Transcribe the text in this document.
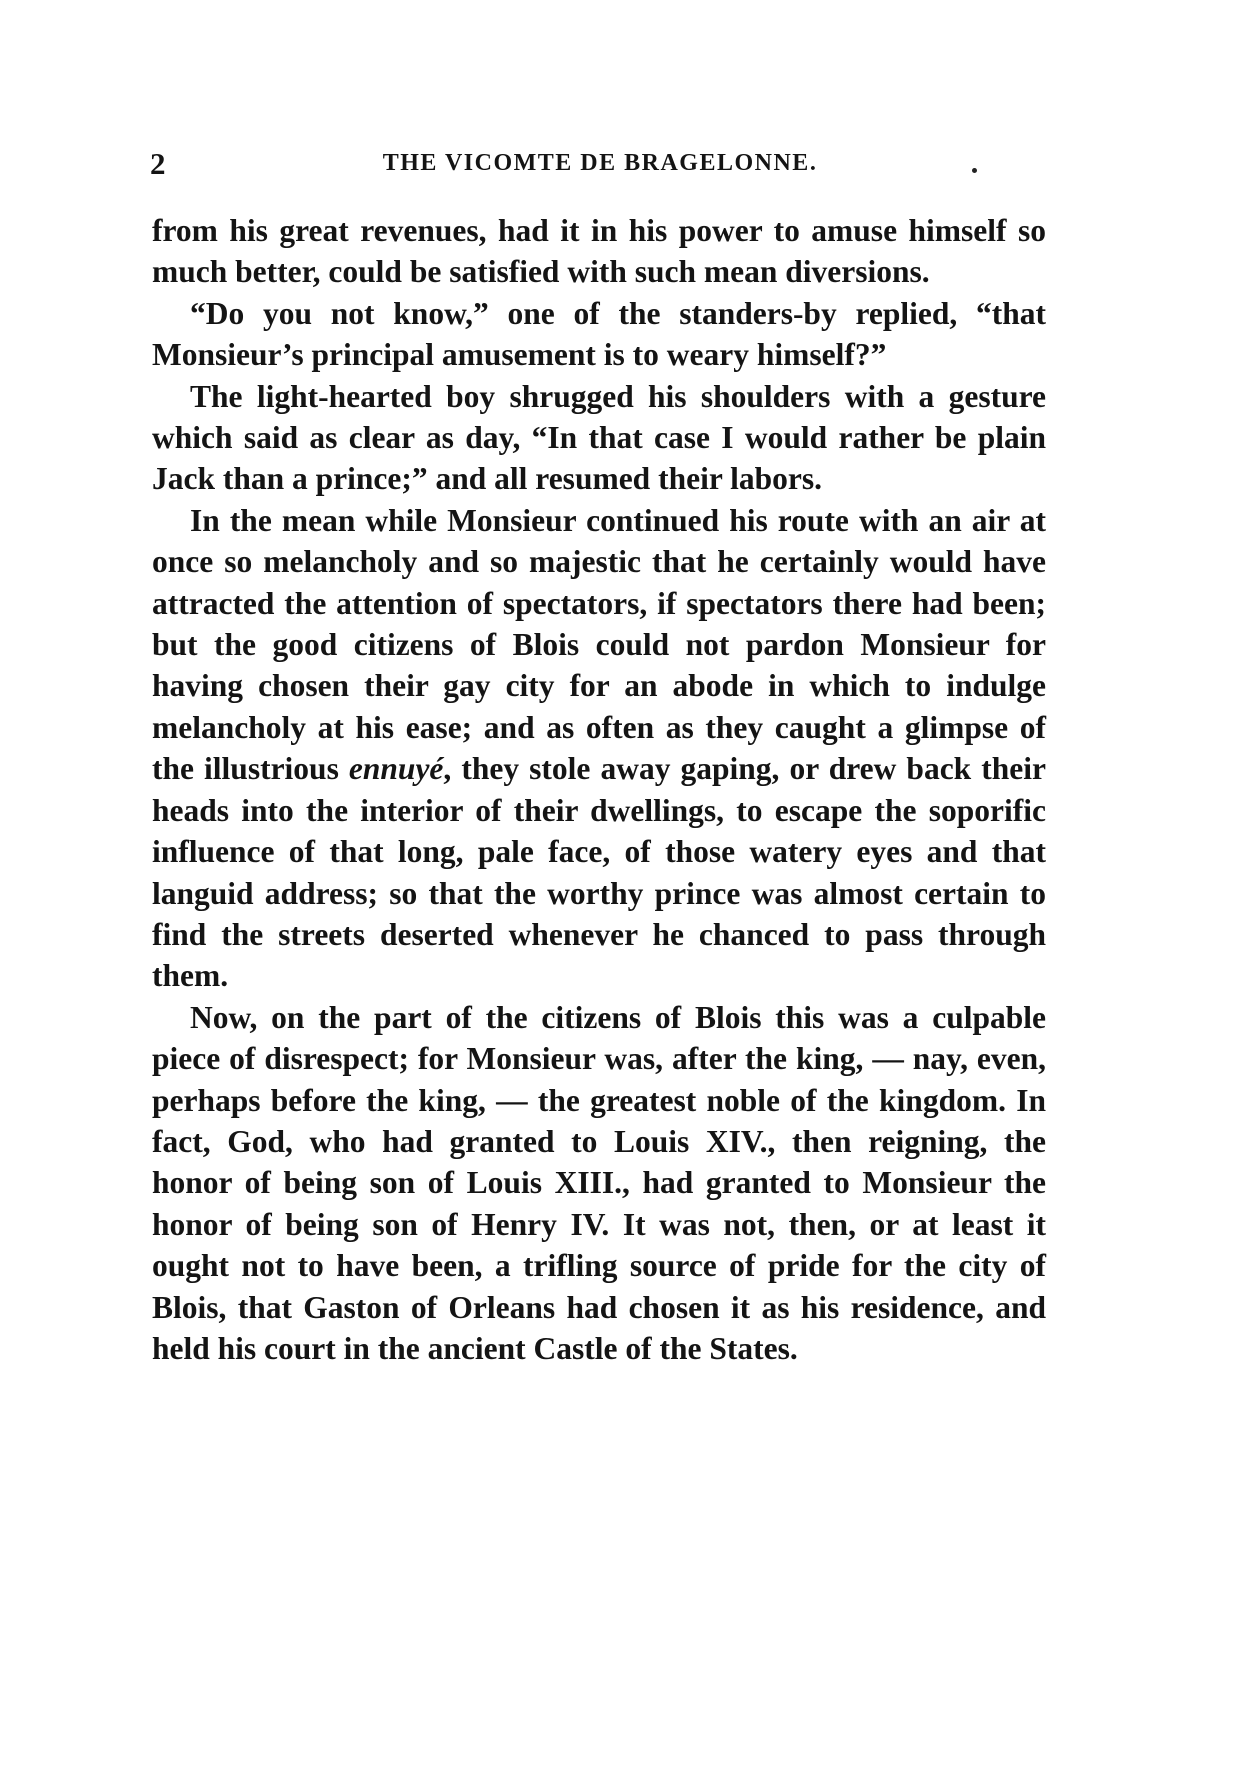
2	THE VICOMTE DE BRAGELONNE.

from his great revenues, had it in his power to amuse himself so much better, could be satisfied with such mean diversions.

“Do you not know,” one of the standers-by replied, “that Monsieur’s principal amusement is to weary himself?”

The light-hearted boy shrugged his shoulders with a gesture which said as clear as day, “In that case I would rather be plain Jack than a prince;” and all resumed their labors.

In the mean while Monsieur continued his route with an air at once so melancholy and so majestic that he certainly would have attracted the attention of spectators, if spectators there had been; but the good citizens of Blois could not pardon Monsieur for having chosen their gay city for an abode in which to indulge melancholy at his ease; and as often as they caught a glimpse of the illustrious ennuyé, they stole away gaping, or drew back their heads into the interior of their dwellings, to escape the soporific influence of that long, pale face, of those watery eyes and that languid address; so that the worthy prince was almost certain to find the streets deserted whenever he chanced to pass through them.

Now, on the part of the citizens of Blois this was a culpable piece of disrespect; for Monsieur was, after the king, — nay, even, perhaps before the king, — the greatest noble of the kingdom. In fact, God, who had granted to Louis XIV., then reigning, the honor of being son of Louis XIII., had granted to Monsieur the honor of being son of Henry IV. It was not, then, or at least it ought not to have been, a trifling source of pride for the city of Blois, that Gaston of Orleans had chosen it as his residence, and held his court in the ancient Castle of the States.
